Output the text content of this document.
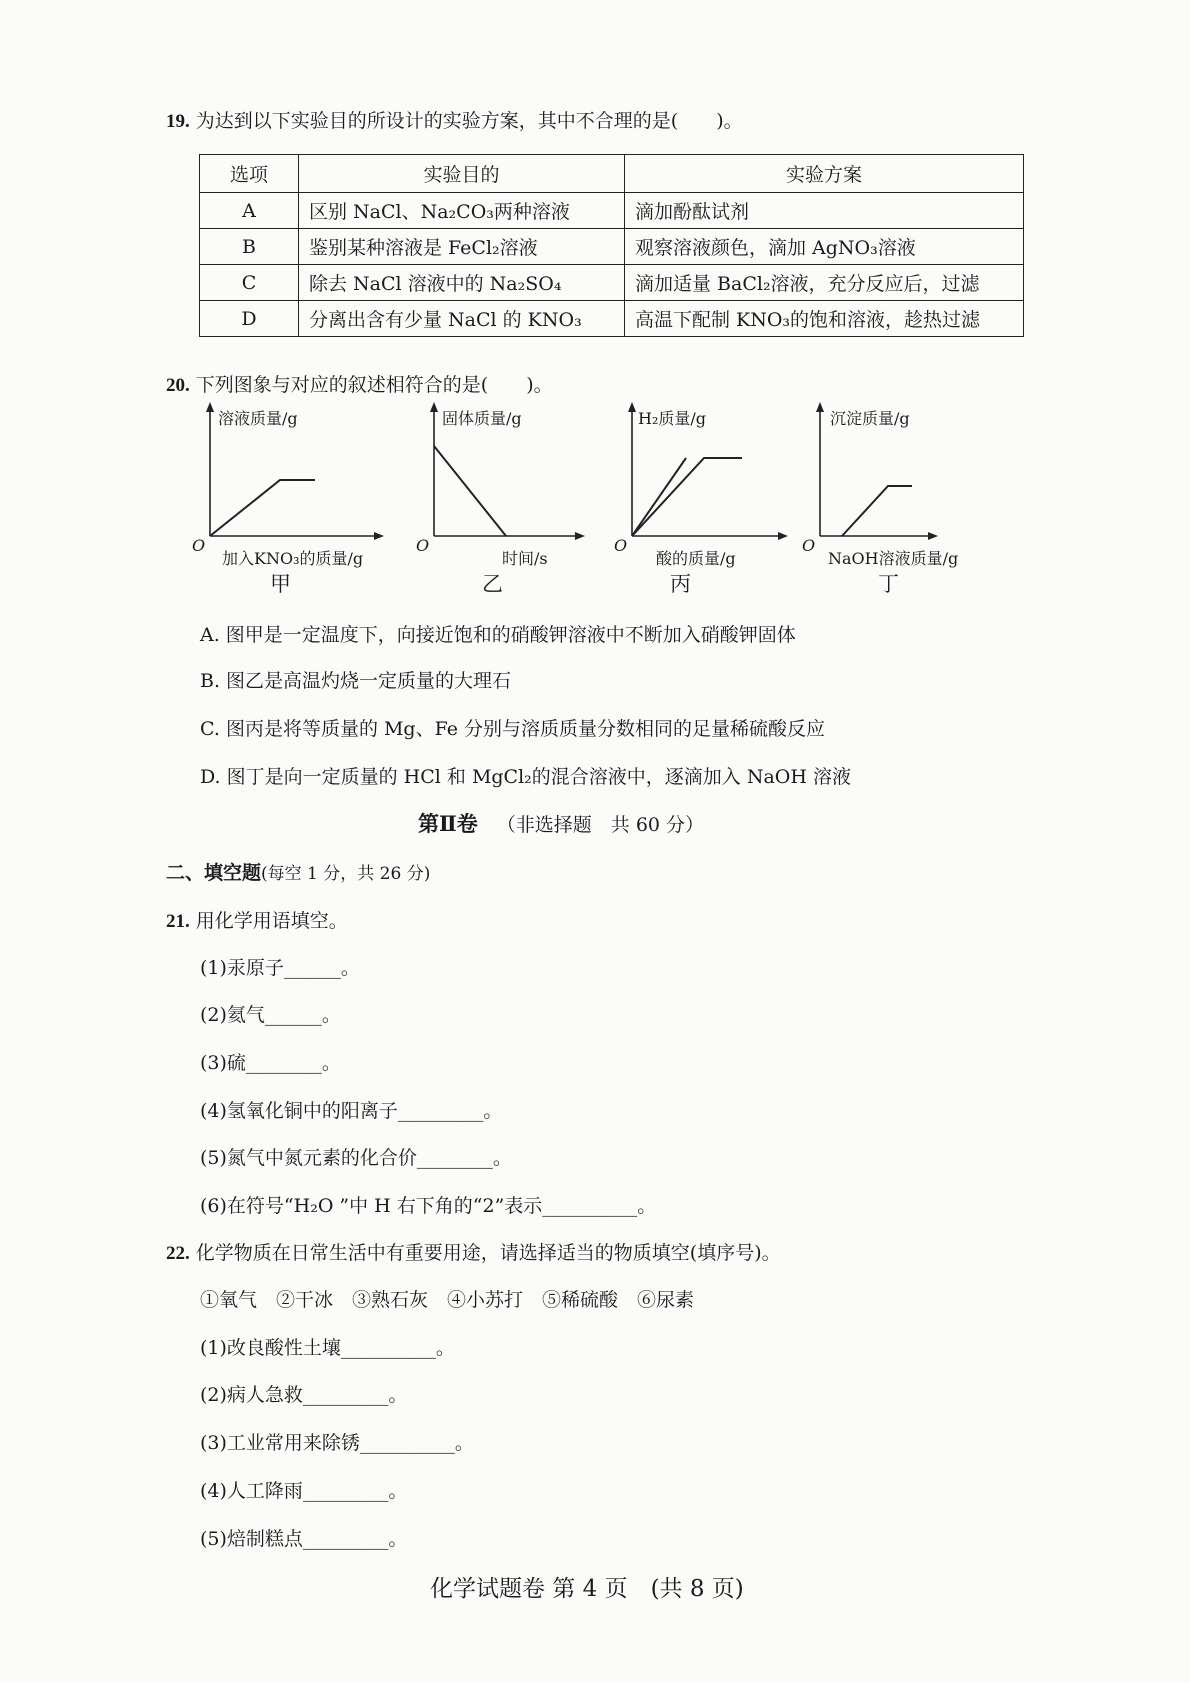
19. 为达到以下实验目的所设计的实验方案，其中不合理的是(　　)。
选项	实验目的	实验方案
A	区别 NaCl、Na₂CO₃两种溶液	滴加酚酞试剂
B	鉴别某种溶液是 FeCl₂溶液	观察溶液颜色，滴加 AgNO₃溶液
C	除去 NaCl 溶液中的 Na₂SO₄	滴加适量 BaCl₂溶液，充分反应后，过滤
D	分离出含有少量 NaCl 的 KNO₃	高温下配制 KNO₃的饱和溶液，趁热过滤
20. 下列图象与对应的叙述相符合的是(　　)。
溶液质量/g
O
加入KNO₃的质量/g
甲
固体质量/g
O
时间/s
乙
H₂质量/g
O
酸的质量/g
丙
沉淀质量/g
O
NaOH溶液质量/g
丁
A. 图甲是一定温度下，向接近饱和的硝酸钾溶液中不断加入硝酸钾固体
B. 图乙是高温灼烧一定质量的大理石
C. 图丙是将等质量的 Mg、Fe 分别与溶质质量分数相同的足量稀硫酸反应
D. 图丁是向一定质量的 HCl 和 MgCl₂的混合溶液中，逐滴加入 NaOH 溶液
第Ⅱ卷 （非选择题　共 60 分）
二、填空题(每空 1 分，共 26 分)
21. 用化学用语填空。
(1)汞原子______。
(2)氦气______。
(3)硫________。
(4)氢氧化铜中的阳离子_________。
(5)氮气中氮元素的化合价________。
(6)在符号“H₂O ”中 H 右下角的“2”表示__________。
22. 化学物质在日常生活中有重要用途，请选择适当的物质填空(填序号)。
①氧气　②干冰　③熟石灰　④小苏打　⑤稀硫酸　⑥尿素
(1)改良酸性土壤__________。
(2)病人急救_________。
(3)工业常用来除锈__________。
(4)人工降雨_________。
(5)焙制糕点_________。
化学试题卷 第 4 页　(共 8 页)
